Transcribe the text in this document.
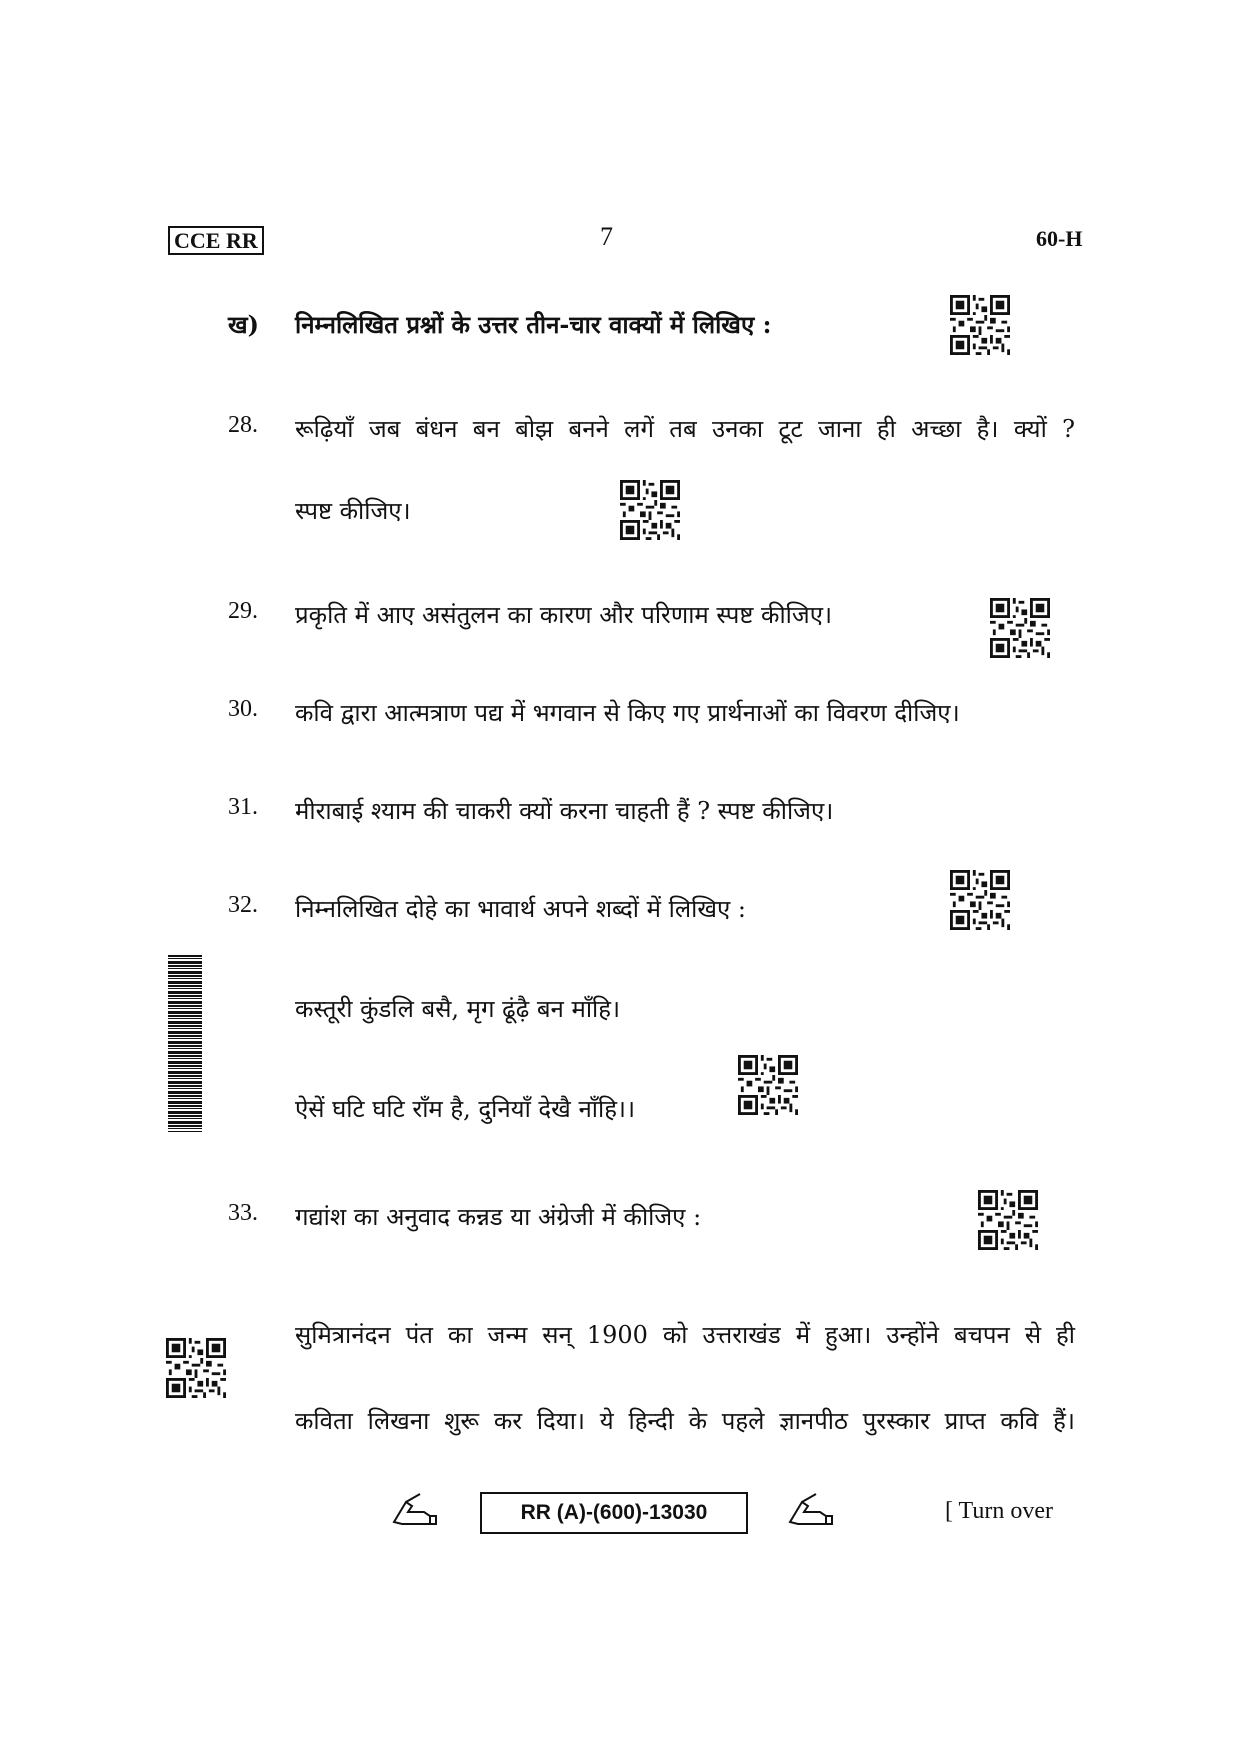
CCE RR	7	60-H
ख) निम्नलिखित प्रश्नों के उत्तर तीन-चार वाक्यों में लिखिए :
28. रूढ़ियाँ जब बंधन बन बोझ बनने लगें तब उनका टूट जाना ही अच्छा है। क्यों ?
स्पष्ट कीजिए।
29. प्रकृति में आए असंतुलन का कारण और परिणाम स्पष्ट कीजिए।
30. कवि द्वारा आत्मत्राण पद्य में भगवान से किए गए प्रार्थनाओं का विवरण दीजिए।
31. मीराबाई श्याम की चाकरी क्यों करना चाहती हैं ? स्पष्ट कीजिए।
32. निम्नलिखित दोहे का भावार्थ अपने शब्दों में लिखिए :
कस्तूरी कुंडलि बसै, मृग ढूंढ़ै बन माँहि।
ऐसें घटि घटि राँम है, दुनियाँ देखै नाँहि।।
33. गद्यांश का अनुवाद कन्नड या अंग्रेजी में कीजिए :
सुमित्रानंदन पंत का जन्म सन् 1900 को उत्तराखंड में हुआ। उन्होंने बचपन से ही
कविता लिखना शुरू कर दिया। ये हिन्दी के पहले ज्ञानपीठ पुरस्कार प्राप्त कवि हैं।
RR (A)-(600)-13030	[ Turn over
